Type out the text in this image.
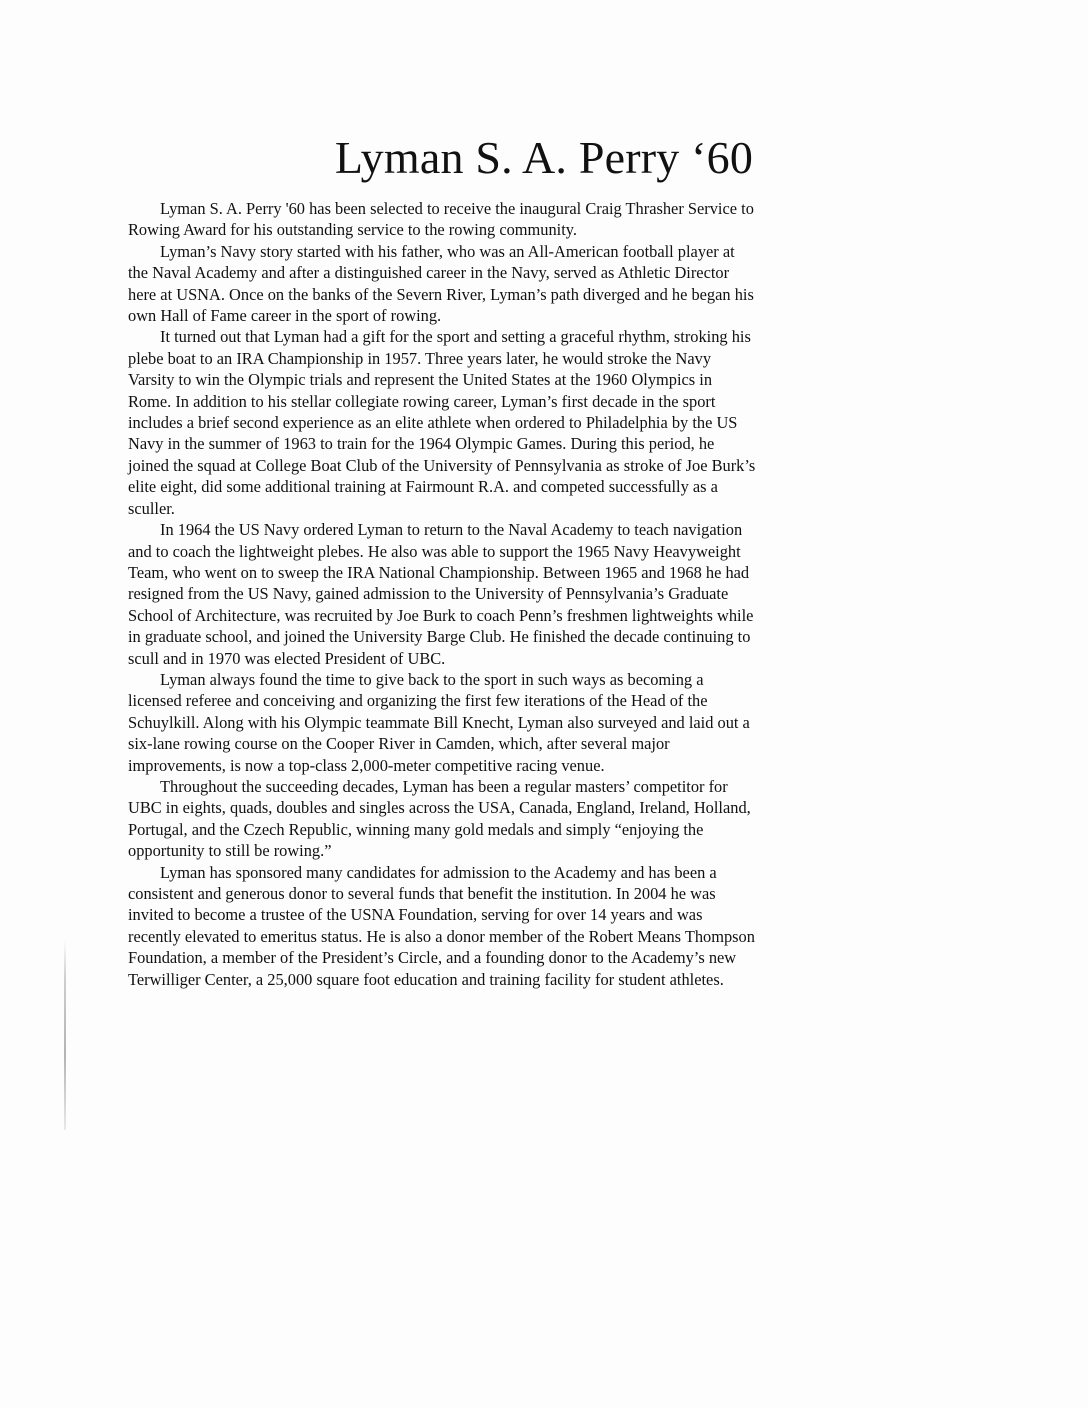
Lyman S. A. Perry ‘60

Lyman S. A. Perry '60 has been selected to receive the inaugural Craig Thrasher Service to Rowing Award for his outstanding service to the rowing community.

Lyman’s Navy story started with his father, who was an All-American football player at the Naval Academy and after a distinguished career in the Navy, served as Athletic Director here at USNA. Once on the banks of the Severn River, Lyman’s path diverged and he began his own Hall of Fame career in the sport of rowing.

It turned out that Lyman had a gift for the sport and setting a graceful rhythm, stroking his plebe boat to an IRA Championship in 1957. Three years later, he would stroke the Navy Varsity to win the Olympic trials and represent the United States at the 1960 Olympics in Rome. In addition to his stellar collegiate rowing career, Lyman’s first decade in the sport includes a brief second experience as an elite athlete when ordered to Philadelphia by the US Navy in the summer of 1963 to train for the 1964 Olympic Games. During this period, he joined the squad at College Boat Club of the University of Pennsylvania as stroke of Joe Burk’s elite eight, did some additional training at Fairmount R.A. and competed successfully as a sculler.

In 1964 the US Navy ordered Lyman to return to the Naval Academy to teach navigation and to coach the lightweight plebes. He also was able to support the 1965 Navy Heavyweight Team, who went on to sweep the IRA National Championship. Between 1965 and 1968 he had resigned from the US Navy, gained admission to the University of Pennsylvania’s Graduate School of Architecture, was recruited by Joe Burk to coach Penn’s freshmen lightweights while in graduate school, and joined the University Barge Club. He finished the decade continuing to scull and in 1970 was elected President of UBC.

Lyman always found the time to give back to the sport in such ways as becoming a licensed referee and conceiving and organizing the first few iterations of the Head of the Schuylkill. Along with his Olympic teammate Bill Knecht, Lyman also surveyed and laid out a six-lane rowing course on the Cooper River in Camden, which, after several major improvements, is now a top-class 2,000-meter competitive racing venue.

Throughout the succeeding decades, Lyman has been a regular masters’ competitor for UBC in eights, quads, doubles and singles across the USA, Canada, England, Ireland, Holland, Portugal, and the Czech Republic, winning many gold medals and simply “enjoying the opportunity to still be rowing.”

Lyman has sponsored many candidates for admission to the Academy and has been a consistent and generous donor to several funds that benefit the institution. In 2004 he was invited to become a trustee of the USNA Foundation, serving for over 14 years and was recently elevated to emeritus status. He is also a donor member of the Robert Means Thompson Foundation, a member of the President’s Circle, and a founding donor to the Academy’s new Terwilliger Center, a 25,000 square foot education and training facility for student athletes.
